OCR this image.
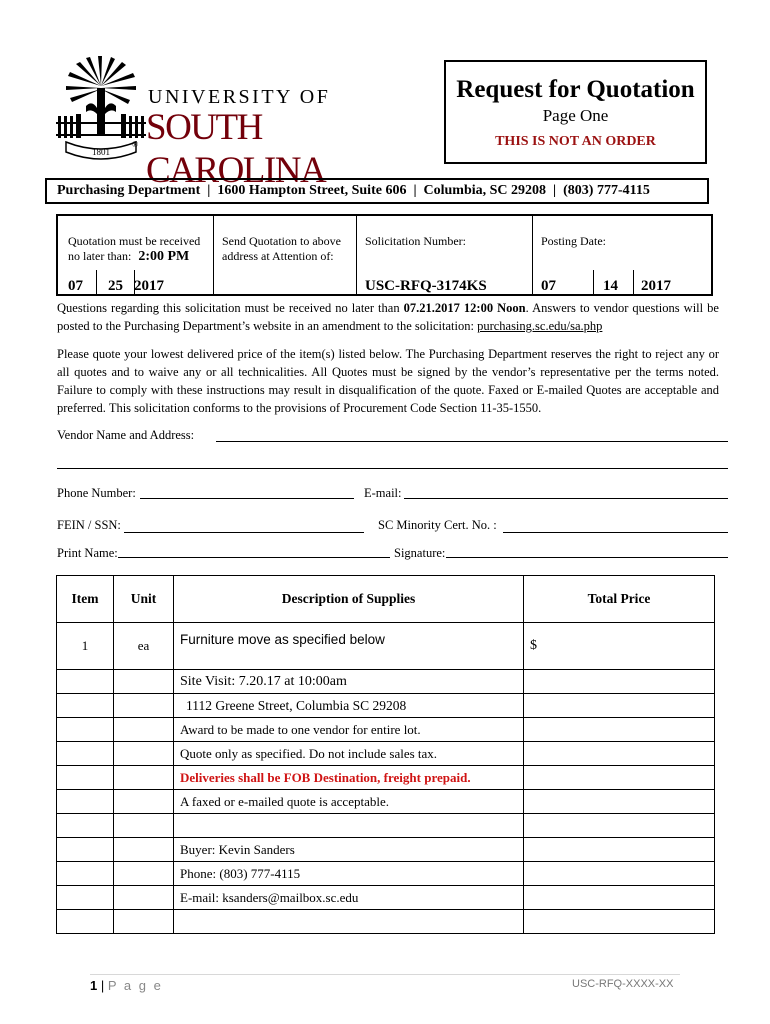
1801
UNIVERSITY OF
SOUTH CAROLINA
®
Request for Quotation
Page One
THIS IS NOT AN ORDER
Purchasing Department  |  1600 Hampton Street, Suite 606  |  Columbia, SC 29208  |  (803) 777-4115
Quotation must be received
no later than: 2:00 PM
07 25 2017
Send Quotation to above
address at Attention of:
Solicitation Number:
USC-RFQ-3174KS
Posting Date:
07	14 2017

Questions regarding this solicitation must be received no later than 07.21.2017 12:00 Noon. Answers to vendor questions will be posted to the Purchasing Department’s website in an amendment to the solicitation: purchasing.sc.edu/sa.php

Please quote your lowest delivered price of the item(s) listed below. The Purchasing Department reserves the right to reject any or all quotes and to waive any or all technicalities. All Quotes must be signed by the vendor’s representative per the terms noted. Failure to comply with these instructions may result in disqualification of the quote. Faxed or E-mailed Quotes are acceptable and preferred. This solicitation conforms to the provisions of Procurement Code Section 11-35-1550.

Vendor Name and Address:
Phone Number:	E-mail:
FEIN / SSN:	SC Minority Cert. No. :
Print Name:	Signature:
Item	Unit	Description of Supplies	Total Price
1	ea	Furniture move as specified below	$
		Site Visit: 7.20.17 at 10:00am	
		1112 Greene Street, Columbia SC 29208	
		Award to be made to one vendor for entire lot.	
		Quote only as specified. Do not include sales tax.	
		Deliveries shall be FOB Destination, freight prepaid.	
		A faxed or e-mailed quote is acceptable.	

		Buyer: Kevin Sanders	
		Phone: (803) 777-4115	
		E-mail: ksanders@mailbox.sc.edu	

1 | P a g e	USC-RFQ-XXXX-XX
